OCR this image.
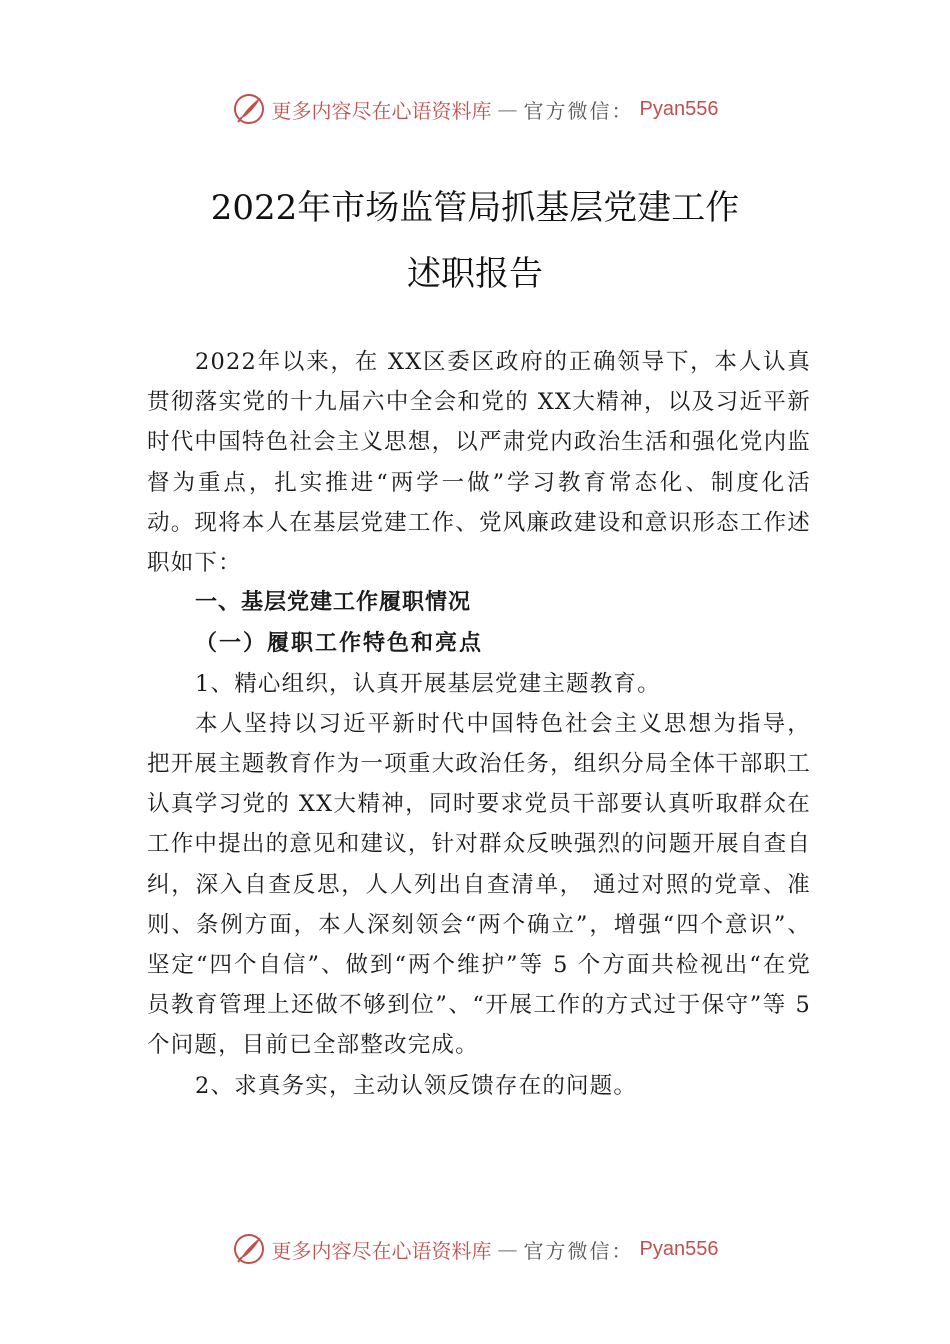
更多内容尽在心语资料库 — 官方微信： Pyan556
2022年市场监管局抓基层党建工作
述职报告

2022年以来，在 XX区委区政府的正确领导下，本人认真贯彻落实党的十九届六中全会和党的 XX大精神，以及习近平新时代中国特色社会主义思想，以严肃党内政治生活和强化党内监督为重点，扎实推进“两学一做”学习教育常态化、制度化活动。现将本人在基层党建工作、党风廉政建设和意识形态工作述职如下：

一、基层党建工作履职情况

（一）履职工作特色和亮点

1、精心组织，认真开展基层党建主题教育。

本人坚持以习近平新时代中国特色社会主义思想为指导，把开展主题教育作为一项重大政治任务，组织分局全体干部职工认真学习党的 XX大精神，同时要求党员干部要认真听取群众在工作中提出的意见和建议，针对群众反映强烈的问题开展自查自纠，深入自查反思，人人列出自查清单， 通过对照的党章、准则、条例方面，本人深刻领会“两个确立”，增强“四个意识”、坚定“四个自信”、做到“两个维护”等 5 个方面共检视出“在党员教育管理上还做不够到位”、“开展工作的方式过于保守”等 5个问题，目前已全部整改完成。

2、求真务实，主动认领反馈存在的问题。

更多内容尽在心语资料库 — 官方微信： Pyan556
